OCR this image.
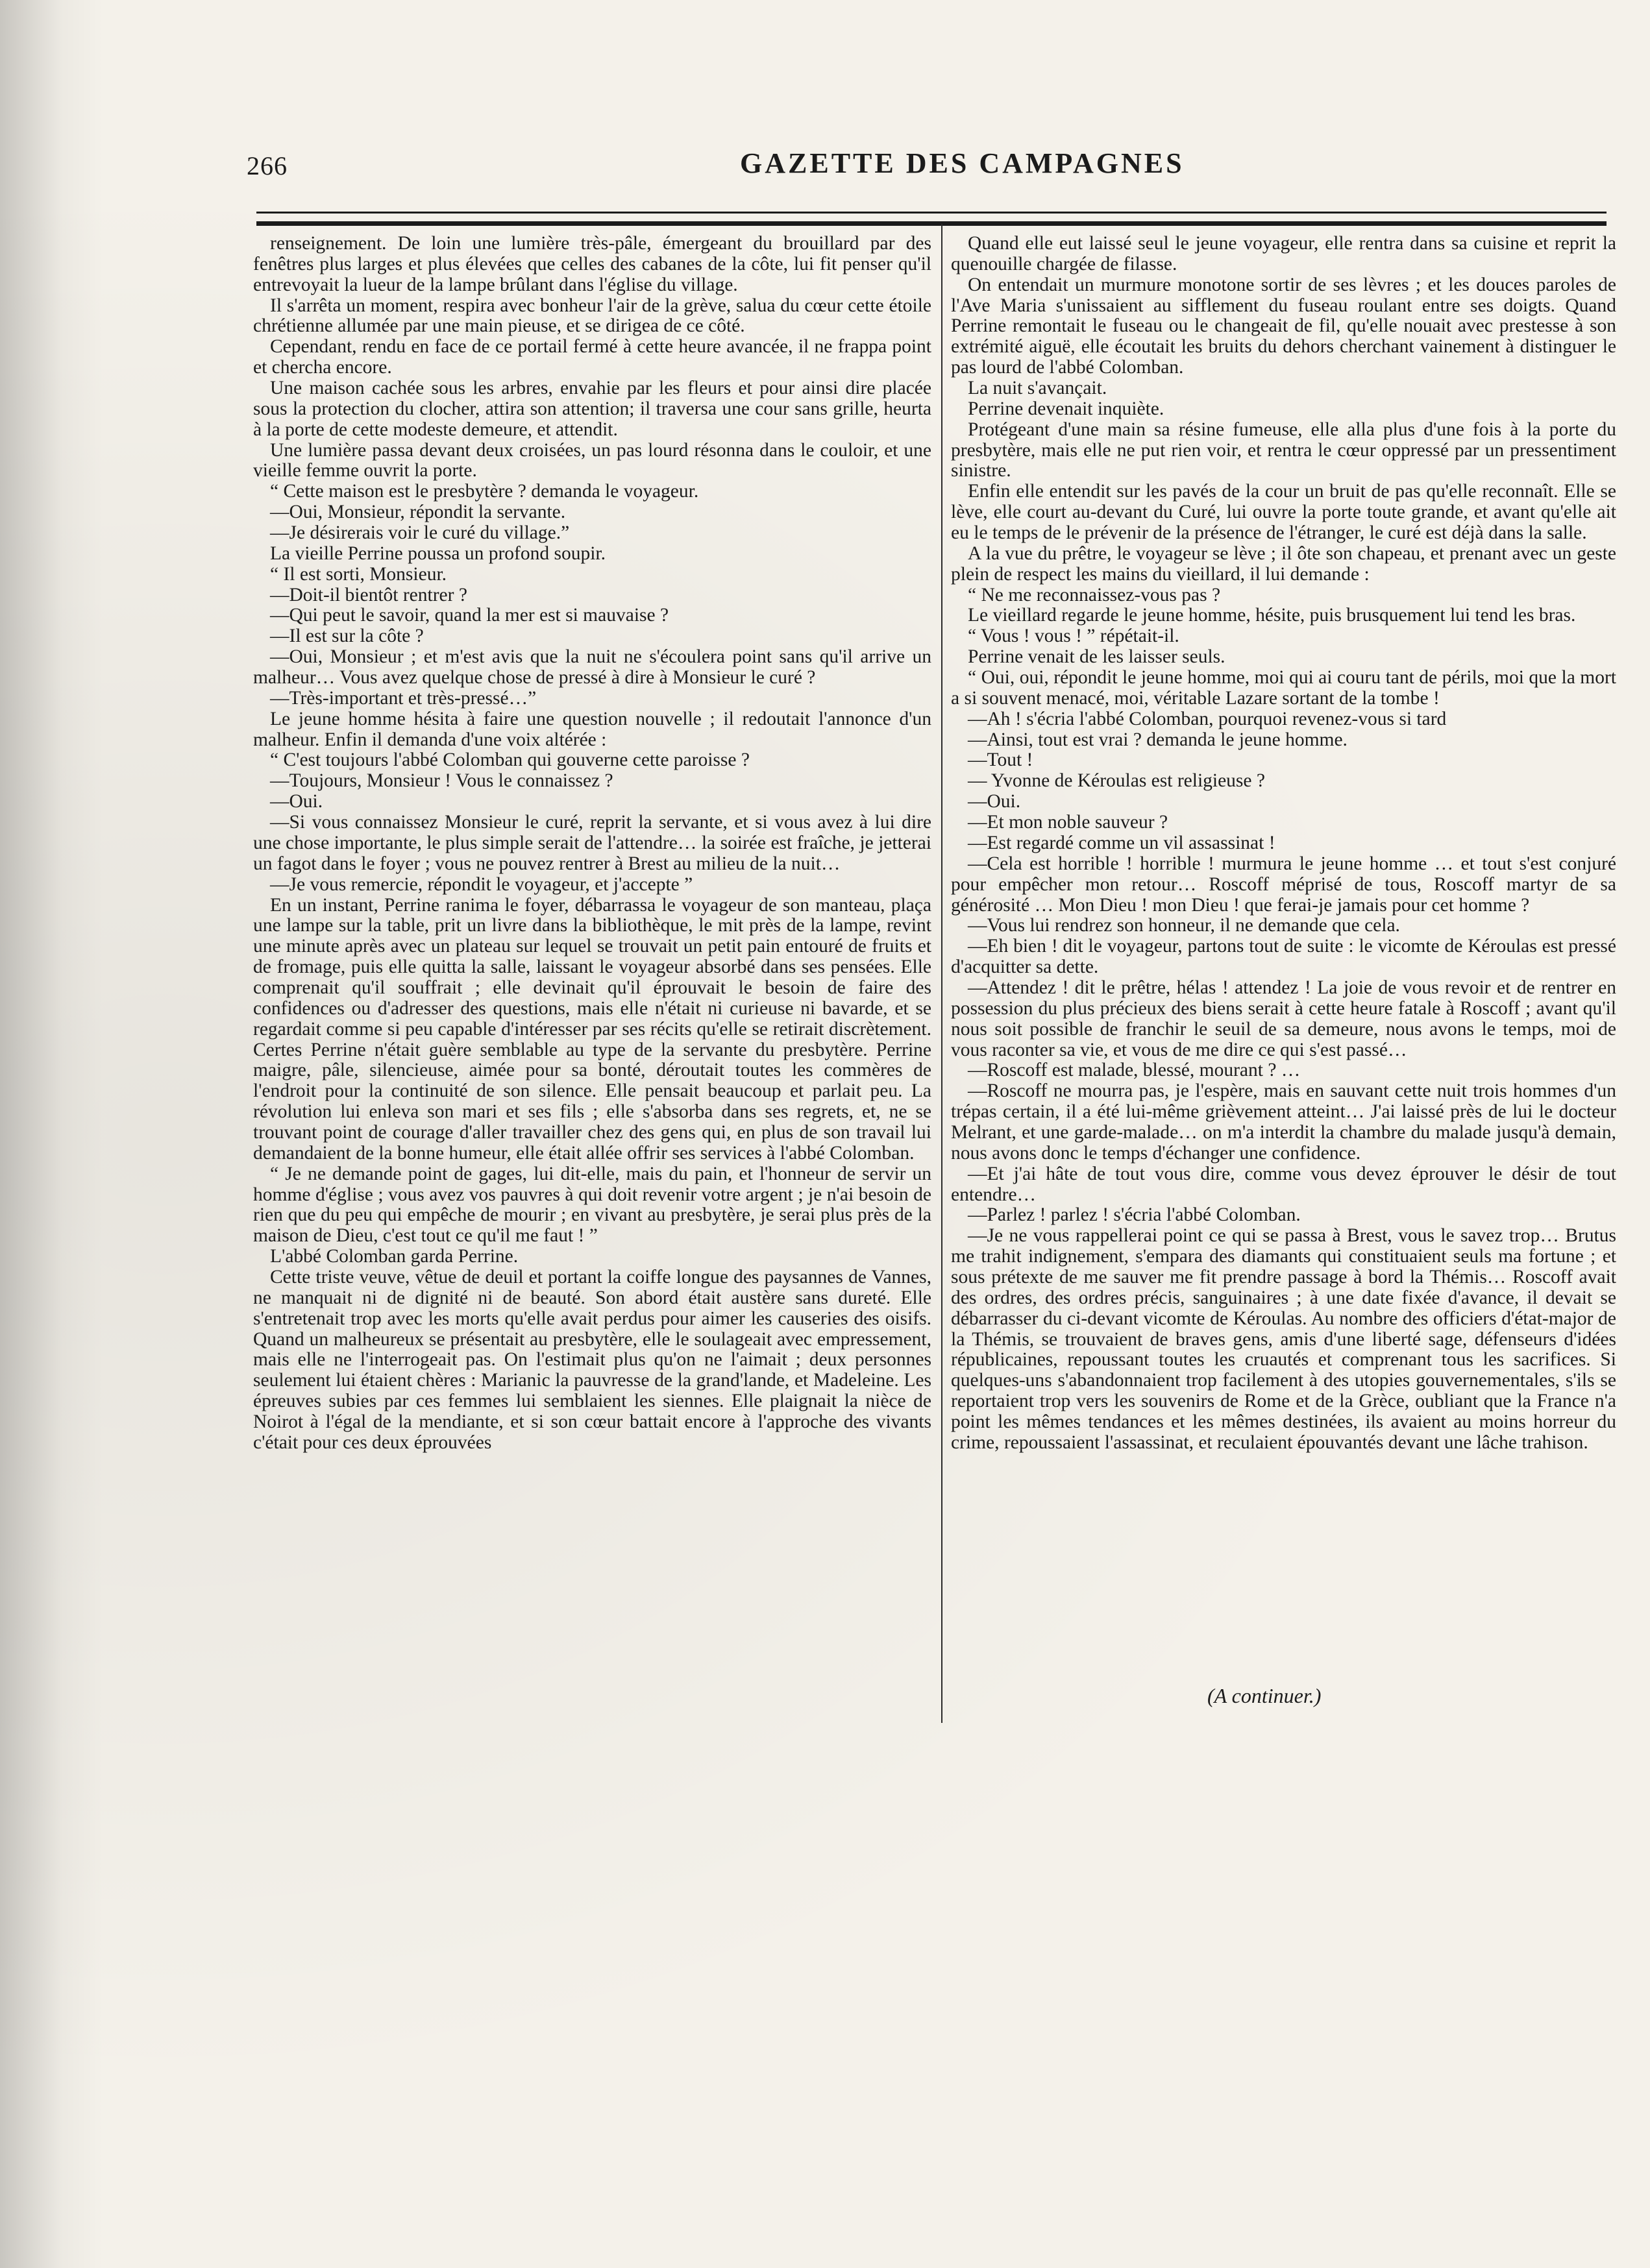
266	GAZETTE DES CAMPAGNES

renseignement. De loin une lumière très-pâle, émergeant du brouillard par des fenêtres plus larges et plus élevées que celles des cabanes de la côte, lui fit penser qu'il entrevoyait la lueur de la lampe brûlant dans l'église du village.

Il s'arrêta un moment, respira avec bonheur l'air de la grève, salua du cœur cette étoile chrétienne allumée par une main pieuse, et se dirigea de ce côté.

Cependant, rendu en face de ce portail fermé à cette heure avancée, il ne frappa point et chercha encore.

Une maison cachée sous les arbres, envahie par les fleurs et pour ainsi dire placée sous la protection du clocher, attira son attention; il traversa une cour sans grille, heurta à la porte de cette modeste demeure, et attendit.

Une lumière passa devant deux croisées, un pas lourd résonna dans le couloir, et une vieille femme ouvrit la porte.

“ Cette maison est le presbytère ? demanda le voyageur.

—Oui, Monsieur, répondit la servante.

—Je désirerais voir le curé du village.”

La vieille Perrine poussa un profond soupir.

“ Il est sorti, Monsieur.

—Doit-il bientôt rentrer ?

—Qui peut le savoir, quand la mer est si mauvaise ?

—Il est sur la côte ?

—Oui, Monsieur ; et m'est avis que la nuit ne s'écoulera point sans qu'il arrive un malheur… Vous avez quelque chose de pressé à dire à Monsieur le curé ?

—Très-important et très-pressé…”

Le jeune homme hésita à faire une question nouvelle ; il redoutait l'annonce d'un malheur. Enfin il demanda d'une voix altérée :

“ C'est toujours l'abbé Colomban qui gouverne cette paroisse ?

—Toujours, Monsieur ! Vous le connaissez ?

—Oui.

—Si vous connaissez Monsieur le curé, reprit la servante, et si vous avez à lui dire une chose importante, le plus simple serait de l'attendre… la soirée est fraîche, je jetterai un fagot dans le foyer ; vous ne pouvez rentrer à Brest au milieu de la nuit…

—Je vous remercie, répondit le voyageur, et j'accepte ”

En un instant, Perrine ranima le foyer, débarrassa le voyageur de son manteau, plaça une lampe sur la table, prit un livre dans la bibliothèque, le mit près de la lampe, revint une minute après avec un plateau sur lequel se trouvait un petit pain entouré de fruits et de fromage, puis elle quitta la salle, laissant le voyageur absorbé dans ses pensées. Elle comprenait qu'il souffrait ; elle devinait qu'il éprouvait le besoin de faire des confidences ou d'adresser des questions, mais elle n'était ni curieuse ni bavarde, et se regardait comme si peu capable d'intéresser par ses récits qu'elle se retirait discrètement. Certes Perrine n'était guère semblable au type de la servante du presbytère. Perrine maigre, pâle, silencieuse, aimée pour sa bonté, déroutait toutes les commères de l'endroit pour la continuité de son silence. Elle pensait beaucoup et parlait peu. La révolution lui enleva son mari et ses fils ; elle s'absorba dans ses regrets, et, ne se trouvant point de courage d'aller travailler chez des gens qui, en plus de son travail lui demandaient de la bonne humeur, elle était allée offrir ses services à l'abbé Colomban.

“ Je ne demande point de gages, lui dit-elle, mais du pain, et l'honneur de servir un homme d'église ; vous avez vos pauvres à qui doit revenir votre argent ; je n'ai besoin de rien que du peu qui empêche de mourir ; en vivant au presbytère, je serai plus près de la maison de Dieu, c'est tout ce qu'il me faut ! ”

L'abbé Colomban garda Perrine.

Cette triste veuve, vêtue de deuil et portant la coiffe longue des paysannes de Vannes, ne manquait ni de dignité ni de beauté. Son abord était austère sans dureté. Elle s'entretenait trop avec les morts qu'elle avait perdus pour aimer les causeries des oisifs. Quand un malheureux se présentait au presbytère, elle le soulageait avec empressement, mais elle ne l'interrogeait pas. On l'estimait plus qu'on ne l'aimait ; deux personnes seulement lui étaient chères : Marianic la pauvresse de la grand'lande, et Madeleine. Les épreuves subies par ces femmes lui semblaient les siennes. Elle plaignait la nièce de Noirot à l'égal de la mendiante, et si son cœur battait encore à l'approche des vivants c'était pour ces deux éprouvées

Quand elle eut laissé seul le jeune voyageur, elle rentra dans sa cuisine et reprit la quenouille chargée de filasse.

On entendait un murmure monotone sortir de ses lèvres ; et les douces paroles de l'Ave Maria s'unissaient au sifflement du fuseau roulant entre ses doigts. Quand Perrine remontait le fuseau ou le changeait de fil, qu'elle nouait avec prestesse à son extrémité aiguë, elle écoutait les bruits du dehors cherchant vainement à distinguer le pas lourd de l'abbé Colomban.

La nuit s'avançait.

Perrine devenait inquiète.

Protégeant d'une main sa résine fumeuse, elle alla plus d'une fois à la porte du presbytère, mais elle ne put rien voir, et rentra le cœur oppressé par un pressentiment sinistre.

Enfin elle entendit sur les pavés de la cour un bruit de pas qu'elle reconnaît. Elle se lève, elle court au-devant du Curé, lui ouvre la porte toute grande, et avant qu'elle ait eu le temps de le prévenir de la présence de l'étranger, le curé est déjà dans la salle.

A la vue du prêtre, le voyageur se lève ; il ôte son chapeau, et prenant avec un geste plein de respect les mains du vieillard, il lui demande :

“ Ne me reconnaissez-vous pas ?

Le vieillard regarde le jeune homme, hésite, puis brusquement lui tend les bras.

“ Vous ! vous ! ” répétait-il.

Perrine venait de les laisser seuls.

“ Oui, oui, répondit le jeune homme, moi qui ai couru tant de périls, moi que la mort a si souvent menacé, moi, véritable Lazare sortant de la tombe !

—Ah ! s'écria l'abbé Colomban, pourquoi revenez-vous si tard

—Ainsi, tout est vrai ? demanda le jeune homme.

—Tout !

— Yvonne de Kéroulas est religieuse ?

—Oui.

—Et mon noble sauveur ?

—Est regardé comme un vil assassinat !

—Cela est horrible ! horrible ! murmura le jeune homme … et tout s'est conjuré pour empêcher mon retour… Roscoff méprisé de tous, Roscoff martyr de sa générosité … Mon Dieu ! mon Dieu ! que ferai-je jamais pour cet homme ?

—Vous lui rendrez son honneur, il ne demande que cela.

—Eh bien ! dit le voyageur, partons tout de suite : le vicomte de Kéroulas est pressé d'acquitter sa dette.

—Attendez ! dit le prêtre, hélas ! attendez ! La joie de vous revoir et de rentrer en possession du plus précieux des biens serait à cette heure fatale à Roscoff ; avant qu'il nous soit possible de franchir le seuil de sa demeure, nous avons le temps, moi de vous raconter sa vie, et vous de me dire ce qui s'est passé…

—Roscoff est malade, blessé, mourant ? …

—Roscoff ne mourra pas, je l'espère, mais en sauvant cette nuit trois hommes d'un trépas certain, il a été lui-même grièvement atteint… J'ai laissé près de lui le docteur Melrant, et une garde-malade… on m'a interdit la chambre du malade jusqu'à demain, nous avons donc le temps d'échanger une confidence.

—Et j'ai hâte de tout vous dire, comme vous devez éprouver le désir de tout entendre…

—Parlez ! parlez ! s'écria l'abbé Colomban.

—Je ne vous rappellerai point ce qui se passa à Brest, vous le savez trop… Brutus me trahit indignement, s'empara des diamants qui constituaient seuls ma fortune ; et sous prétexte de me sauver me fit prendre passage à bord la Thémis… Roscoff avait des ordres, des ordres précis, sanguinaires ; à une date fixée d'avance, il devait se débarrasser du ci-devant vicomte de Kéroulas. Au nombre des officiers d'état-major de la Thémis, se trouvaient de braves gens, amis d'une liberté sage, défenseurs d'idées républicaines, repoussant toutes les cruautés et comprenant tous les sacrifices. Si quelques-uns s'abandonnaient trop facilement à des utopies gouvernementales, s'ils se reportaient trop vers les souvenirs de Rome et de la Grèce, oubliant que la France n'a point les mêmes tendances et les mêmes destinées, ils avaient au moins horreur du crime, repoussaient l'assassinat, et reculaient épouvantés devant une lâche trahison.

(A continuer.)
